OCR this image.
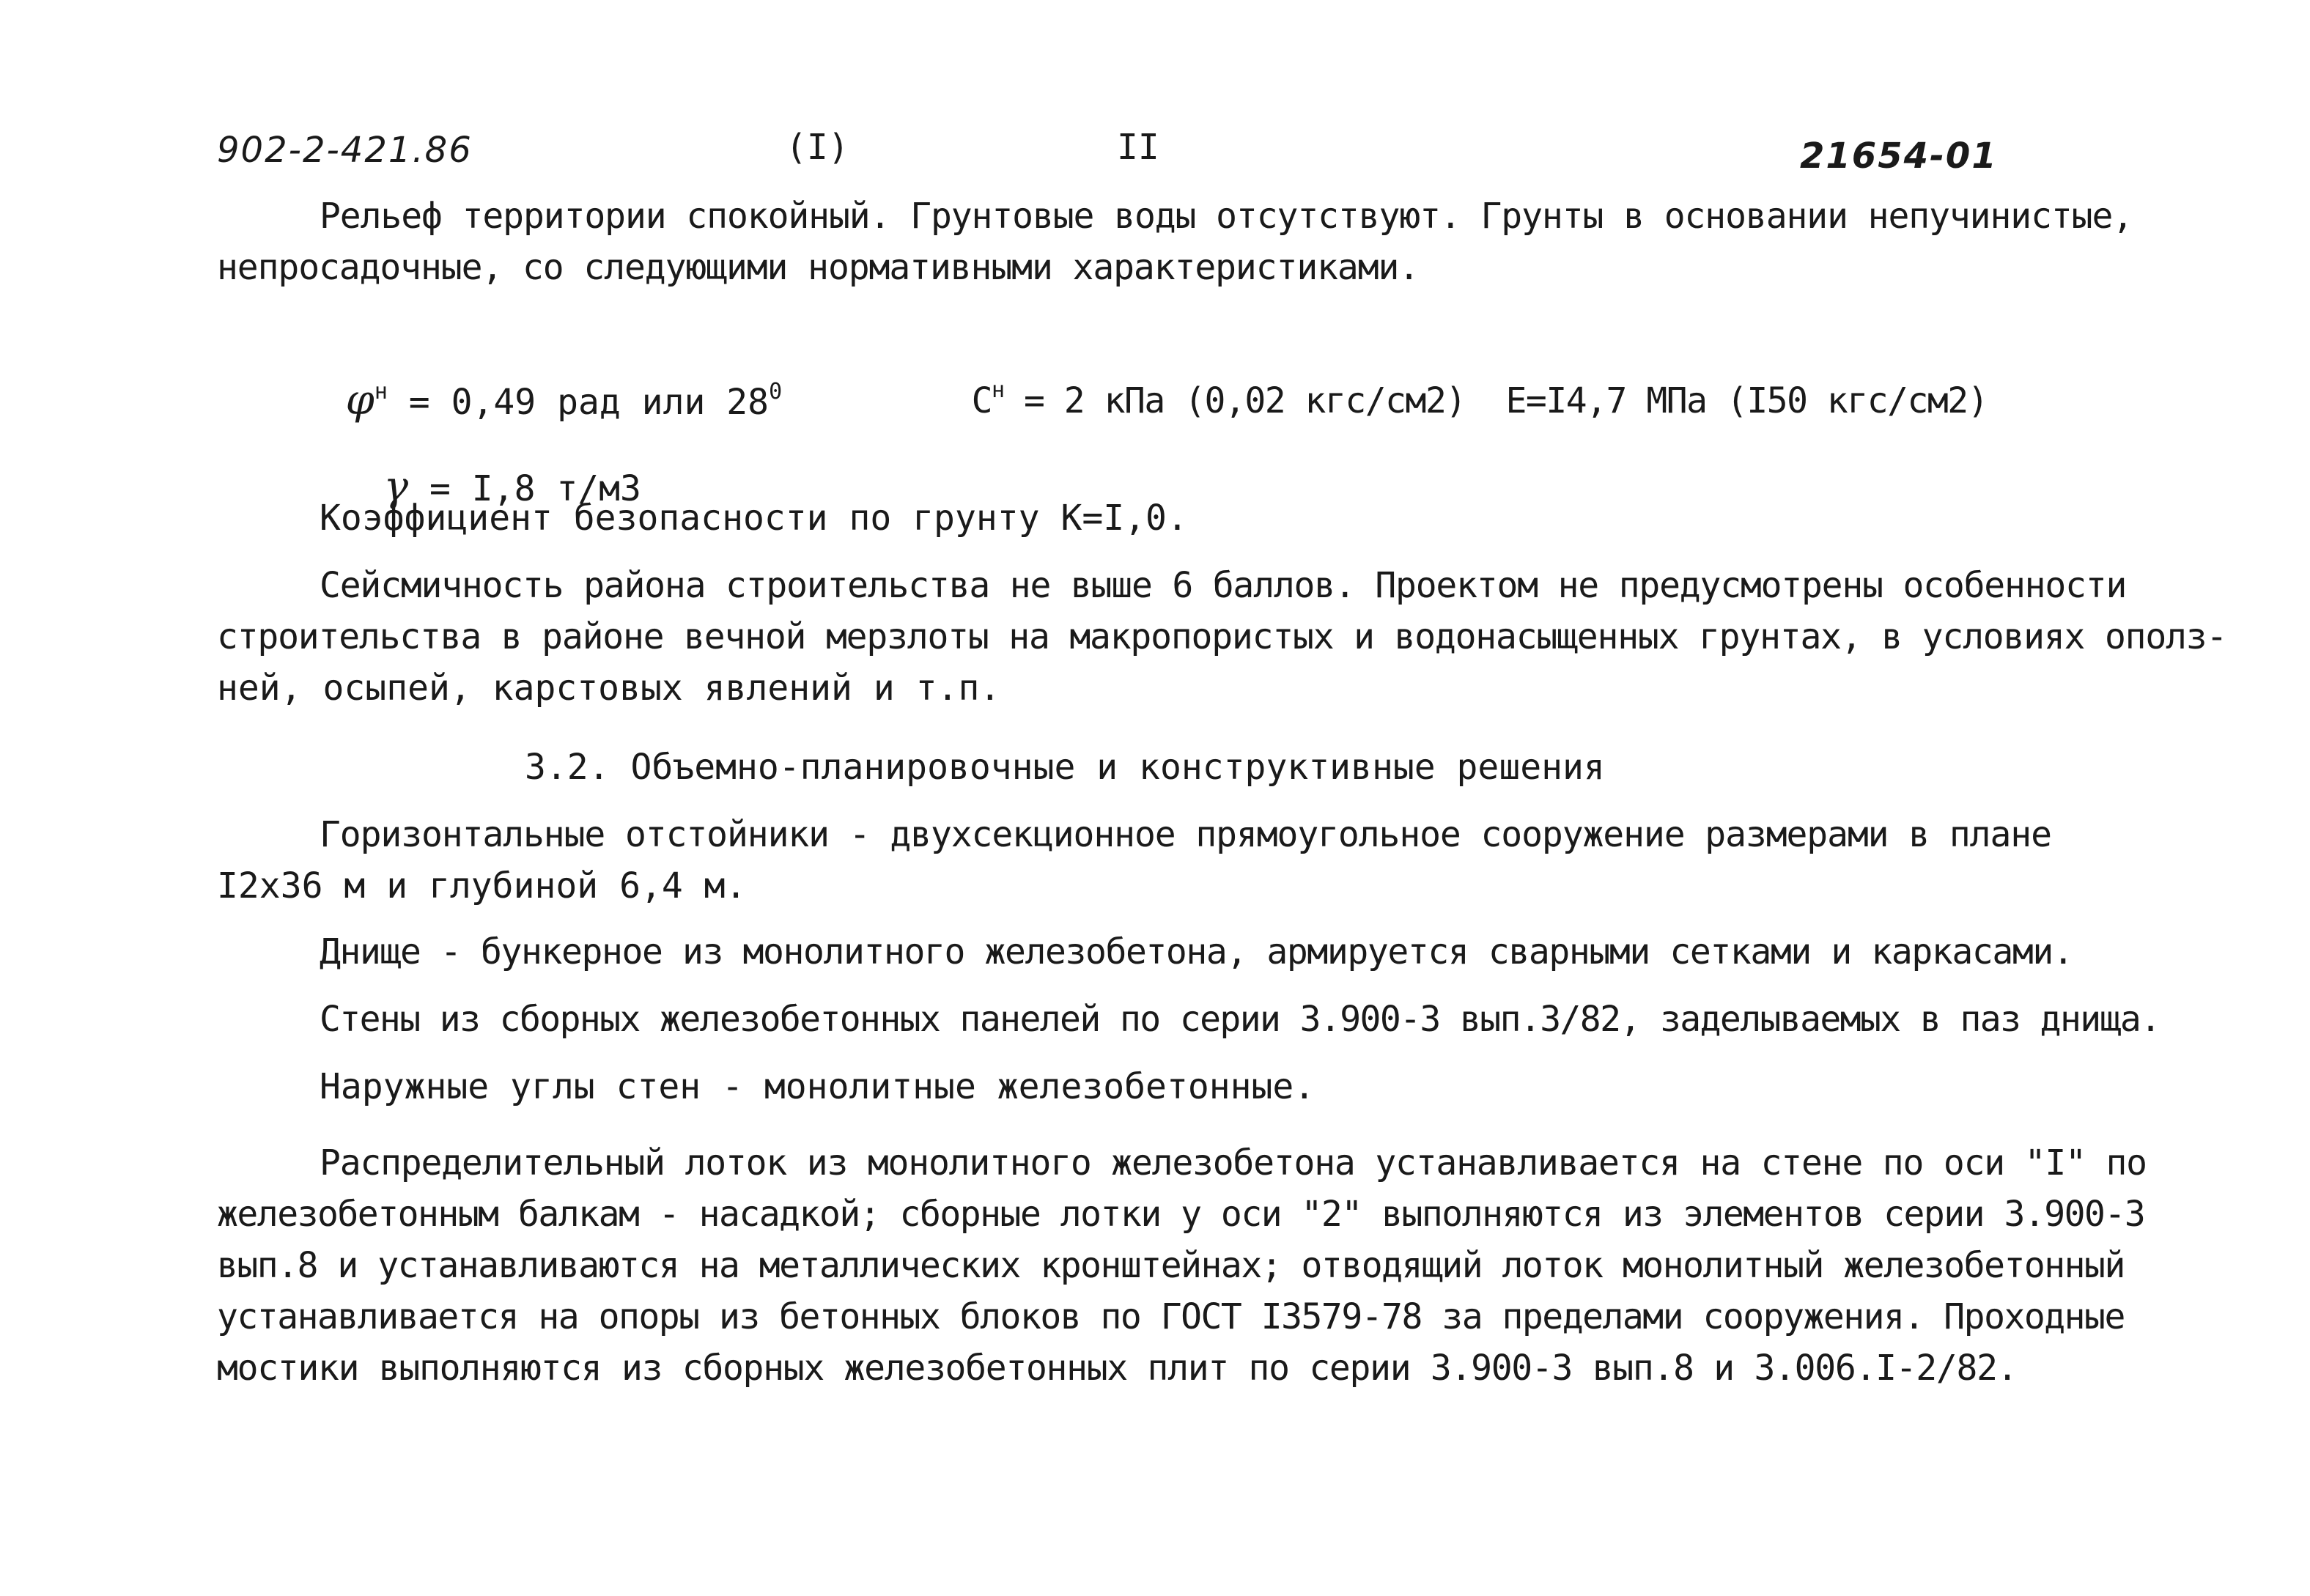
902-2-421.86	(I)	II	21654-01
Рельеф территории спокойный. Грунтовые воды отсутствуют. Грунты в основании непучинистые,
непросадочные, со следующими нормативными характеристиками.

$\varphi^н = 0,49$ рад или $28^0$
	$C^н = 2$ кПа (0,02 кгс/см2)  E=I4,7 МПа (I50 кгс/см2)

γ = I,8 т/м3

Коэффициент безопасности по грунту K=I,0.
Сейсмичность района строительства не выше 6 баллов. Проектом не предусмотрены особенности
строительства в районе вечной мерзлоты на макропористых и водонасыщенных грунтах, в условиях ополз-
ней, осыпей, карстовых явлений и т.п.
3.2. Объемно-планировочные и конструктивные решения
Горизонтальные отстойники - двухсекционное прямоугольное сооружение размерами в плане
I2x36 м и глубиной 6,4 м.
Днище - бункерное из монолитного железобетона, армируется сварными сетками и каркасами.
Стены из сборных железобетонных панелей по серии 3.900-3 вып.3/82, заделываемых в паз днища.
Наружные углы стен - монолитные железобетонные.
Распределительный лоток из монолитного железобетона устанавливается на стене по оси "I" по
железобетонным балкам - насадкой; сборные лотки у оси "2" выполняются из элементов серии 3.900-3
вып.8 и устанавливаются на металлических кронштейнах; отводящий лоток монолитный железобетонный
устанавливается на опоры из бетонных блоков по ГОСТ I3579-78 за пределами сооружения. Проходные
мостики выполняются из сборных железобетонных плит по серии 3.900-3 вып.8 и 3.006.I-2/82.
